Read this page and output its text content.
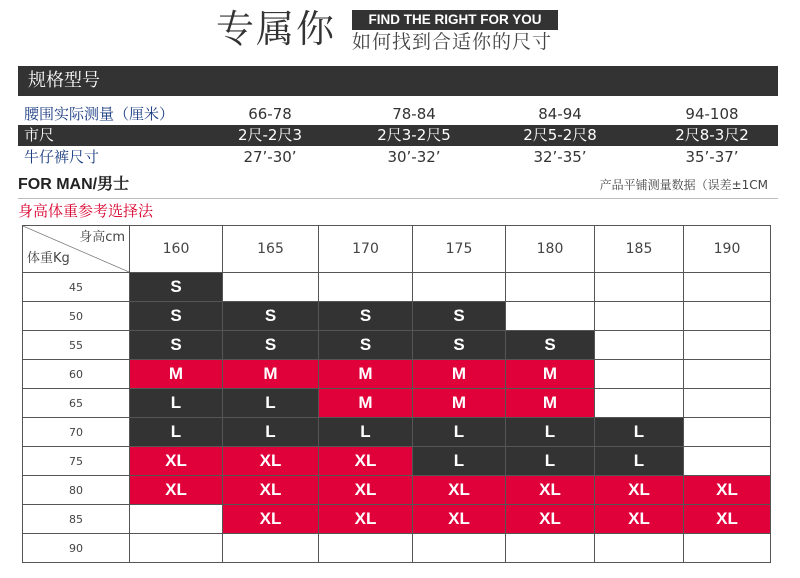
专属你	FIND THE RIGHT FOR YOU
如何找到合适你的尺寸
规格型号
腰围实际测量（厘米）	66-78	78-84	84-94	94-108
市尺	2尺-2尺3	2尺3-2尺5	2尺5-2尺8	2尺8-3尺2
牛仔裤尺寸	27’-30’	30’-32’	32’-35’	35’-37’
FOR MAN/男士	产品平铺测量数据（误差±1CM
身高体重参考选择法
身高cm
体重Kg	160	165	170	175	180	185	190
45	S						
50	S	S	S	S			
55	S	S	S	S	S		
60	M	M	M	M	M		
65	L	L	M	M	M		
70	L	L	L	L	L	L	
75	XL	XL	XL	L	L	L	
80	XL	XL	XL	XL	XL	XL	XL
85		XL	XL	XL	XL	XL	XL
90							
